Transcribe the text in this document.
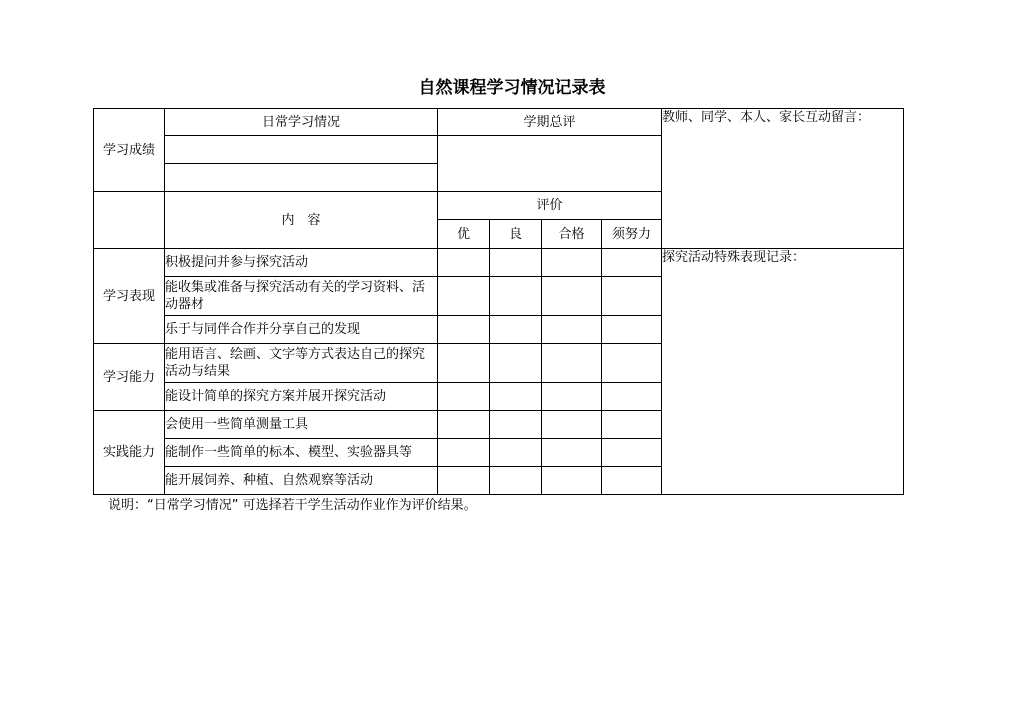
自然课程学习情况记录表
学习成绩	日常学习情况	学期总评				教师、同学、本人、家长互动留言：

	内　容	评价				
		优	良	合格	须努力	
学习表现	积极提问并参与探究活动					探究活动特殊表现记录：
	能收集或准备与探究活动有关的学习资料、活动器材					
	乐于与同伴合作并分享自己的发现					
学习能力	能用语言、绘画、文字等方式表达自己的探究活动与结果					
	能设计简单的探究方案并展开探究活动					
实践能力	会使用一些简单测量工具					
	能制作一些简单的标本、模型、实验器具等					
	能开展饲养、种植、自然观察等活动					
说明：“日常学习情况” 可选择若干学生活动作业作为评价结果。
